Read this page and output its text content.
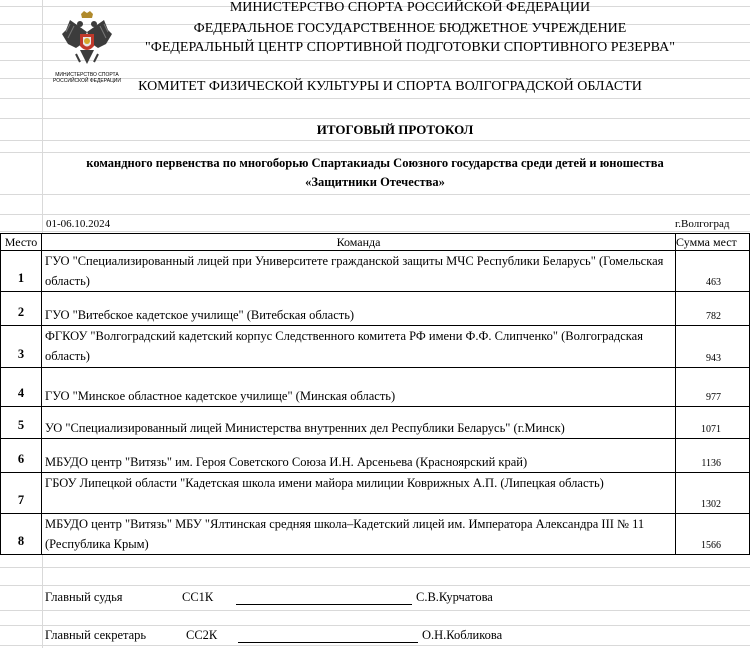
МИНИСТЕРСТВО СПОРТА
РОССИЙСКОЙ ФЕДЕРАЦИИ
МИНИСТЕРСТВО СПОРТА РОССИЙСКОЙ ФЕДЕРАЦИИ
ФЕДЕРАЛЬНОЕ ГОСУДАРСТВЕННОЕ БЮДЖЕТНОЕ УЧРЕЖДЕНИЕ
"ФЕДЕРАЛЬНЫЙ ЦЕНТР СПОРТИВНОЙ ПОДГОТОВКИ СПОРТИВНОГО РЕЗЕРВА"
КОМИТЕТ ФИЗИЧЕСКОЙ КУЛЬТУРЫ И СПОРТА ВОЛГОГРАДСКОЙ ОБЛАСТИ
ИТОГОВЫЙ ПРОТОКОЛ
командного первенства по многоборью Спартакиады Союзного государства среди детей и юношества
«Защитники Отечества»
01-06.10.2024	г.Волгоград
Место	Команда	Сумма мест

1	ГУО "Специализированный лицей при Университете гражданской защиты МЧС Республики Беларусь" (Гомельская область)	463

2	ГУО "Витебское кадетское училище" (Витебская область)	782

3	ФГКОУ "Волгоградский кадетский корпус Следственного комитета РФ имени Ф.Ф. Слипченко" (Волгоградская область)	943

4	ГУО "Минское областное кадетское училище" (Минская область)	977

5	УО "Специализированный лицей Министерства внутренних дел Республики Беларусь" (г.Минск)	1071

6	МБУДО центр "Витязь" им. Героя Советского Союза И.Н. Арсеньева (Красноярский край)	1136

7	ГБОУ Липецкой области "Кадетская школа имени майора милиции Коврижных А.П. (Липецкая область)	1302

8	МБУДО центр "Витязь" МБУ "Ялтинская средняя школа–Кадетский лицей им. Императора Александра III № 11 (Республика Крым)	1566
Главный судья	СС1К	С.В.Курчатова
Главный секретарь	СС2К	О.Н.Кобликова
